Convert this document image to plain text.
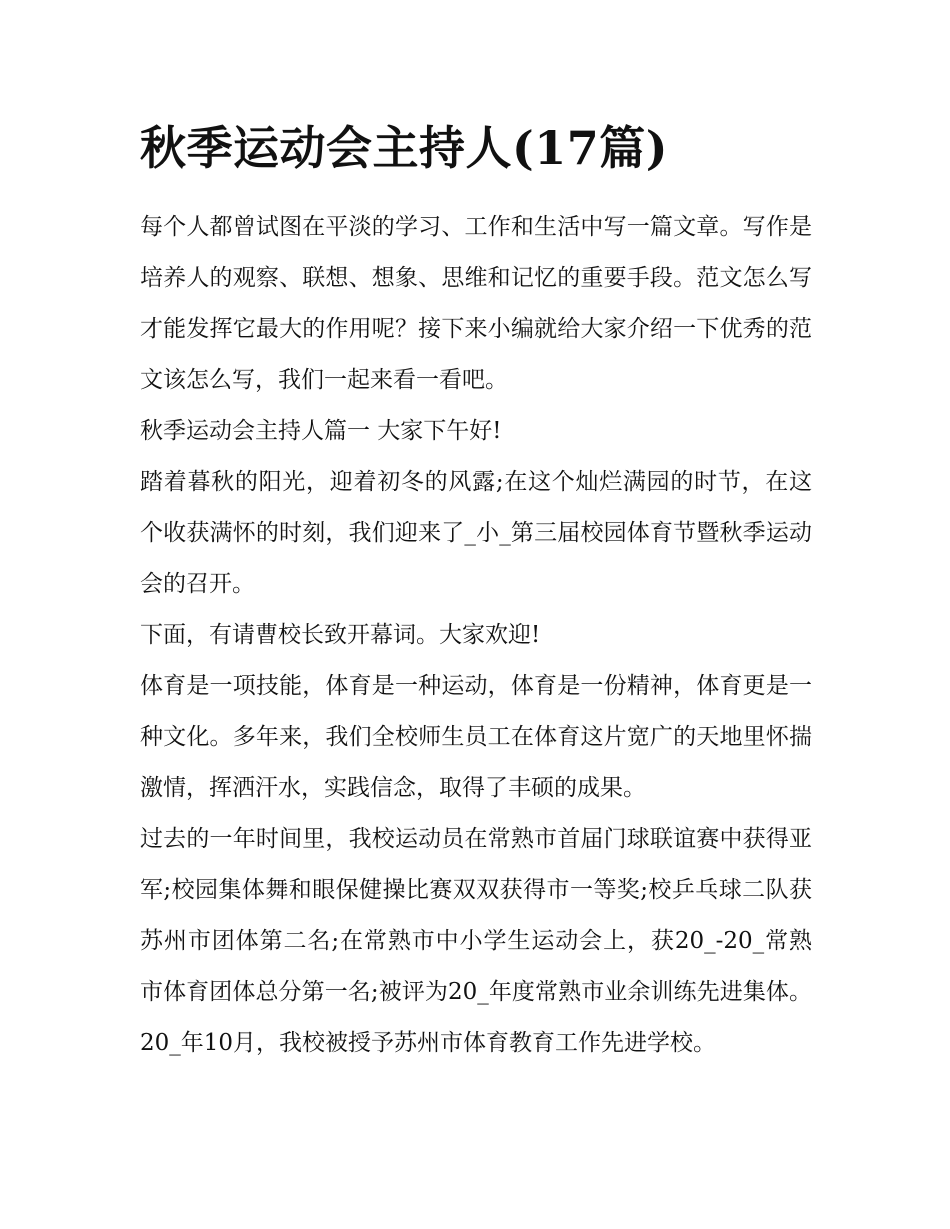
秋季运动会主持人(17篇)

每个人都曾试图在平淡的学习、工作和生活中写一篇文章。写作是培养人的观察、联想、想象、思维和记忆的重要手段。范文怎么写才能发挥它最大的作用呢？接下来小编就给大家介绍一下优秀的范文该怎么写，我们一起来看一看吧。

秋季运动会主持人篇一 大家下午好!

踏着暮秋的阳光，迎着初冬的风露;在这个灿烂满园的时节，在这个收获满怀的时刻，我们迎来了_小_第三届校园体育节暨秋季运动会的召开。

下面，有请曹校长致开幕词。大家欢迎!

体育是一项技能，体育是一种运动，体育是一份精神，体育更是一种文化。多年来，我们全校师生员工在体育这片宽广的天地里怀揣激情，挥洒汗水，实践信念，取得了丰硕的成果。

过去的一年时间里，我校运动员在常熟市首届门球联谊赛中获得亚军;校园集体舞和眼保健操比赛双双获得市一等奖;校乒乓球二队获苏州市团体第二名;在常熟市中小学生运动会上，获20_-20_常熟市体育团体总分第一名;被评为20_年度常熟市业余训练先进集体。20_年10月，我校被授予苏州市体育教育工作先进学校。
